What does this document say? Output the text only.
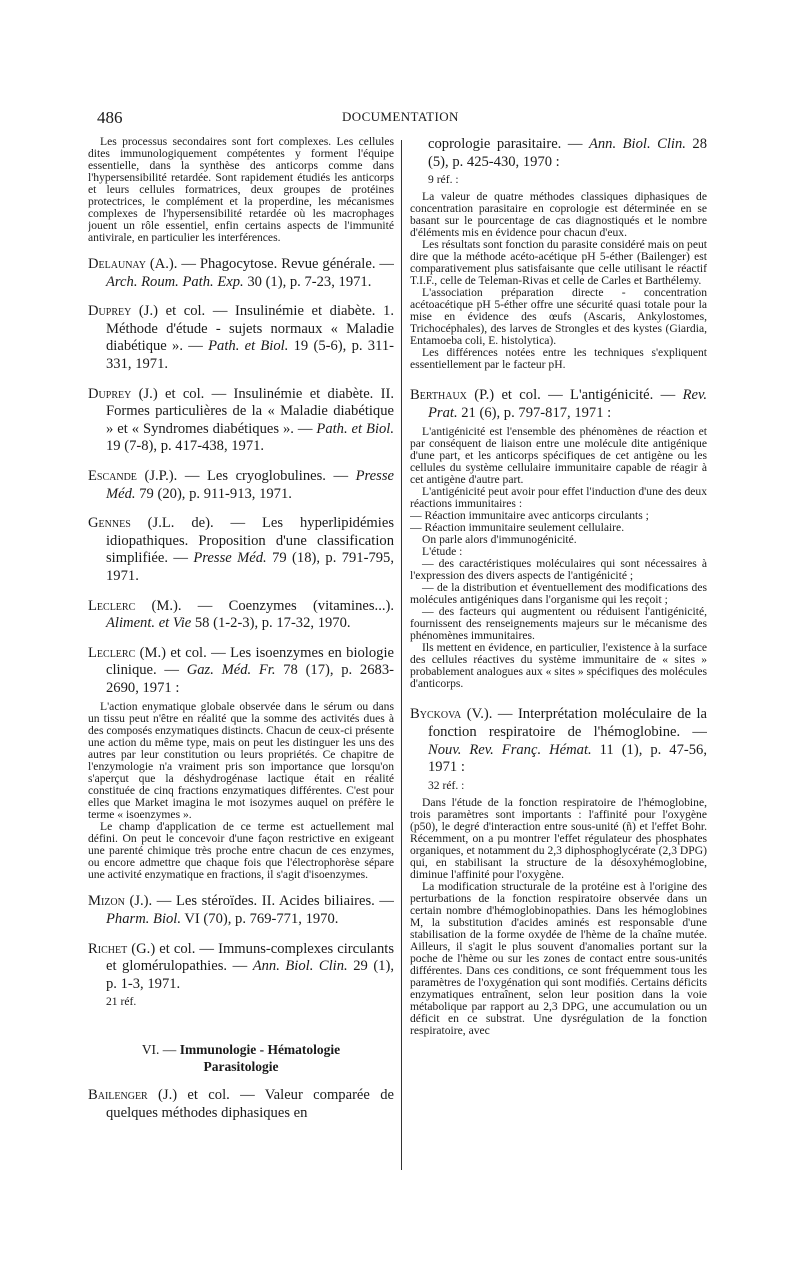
486	DOCUMENTATION

Les processus secondaires sont fort complexes. Les cellules dites immunologiquement compétentes y forment l'équipe essentielle, dans la synthèse des anticorps comme dans l'hypersensibilité retardée. Sont rapidement étudiés les anticorps et leurs cellules formatrices, deux groupes de protéines protectrices, le complément et la properdine, les mécanismes complexes de l'hypersensibilité retardée où les macrophages jouent un rôle essentiel, enfin certains aspects de l'immunité antivirale, en particulier les interférences.

Delaunay (A.). — Phagocytose. Revue générale. — Arch. Roum. Path. Exp. 30 (1), p. 7-23, 1971.

Duprey (J.) et col. — Insulinémie et diabète. 1. Méthode d'étude - sujets normaux « Maladie diabétique ». — Path. et Biol. 19 (5-6), p. 311-331, 1971.

Duprey (J.) et col. — Insulinémie et diabète. II. Formes particulières de la « Maladie diabétique » et « Syndromes diabétiques ». — Path. et Biol. 19 (7-8), p. 417-438, 1971.

Escande (J.P.). — Les cryoglobulines. — Presse Méd. 79 (20), p. 911-913, 1971.

Gennes (J.L. de). — Les hyperlipidémies idiopathiques. Proposition d'une classification simplifiée. — Presse Méd. 79 (18), p. 791-795, 1971.

Leclerc (M.). — Coenzymes (vitamines...). Aliment. et Vie 58 (1-2-3), p. 17-32, 1970.

Leclerc (M.) et col. — Les isoenzymes en biologie clinique. — Gaz. Méd. Fr. 78 (17), p. 2683-2690, 1971 :

L'action enymatique globale observée dans le sérum ou dans un tissu peut n'être en réalité que la somme des activités dues à des composés enzymatiques distincts. Chacun de ceux-ci présente une action du même type, mais on peut les distinguer les uns des autres par leur constitution ou leurs propriétés. Ce chapitre de l'enzymologie n'a vraiment pris son importance que lorsqu'on s'aperçut que la déshydrogénase lactique était en réalité constituée de cinq fractions enzymatiques différentes. C'est pour elles que Market imagina le mot isozymes auquel on préfère le terme « isoenzymes ».

Le champ d'application de ce terme est actuellement mal défini. On peut le concevoir d'une façon restrictive en exigeant une parenté chimique très proche entre chacun de ces enzymes, ou encore admettre que chaque fois que l'électrophorèse sépare une activité enzymatique en fractions, il s'agit d'isoenzymes.

Mizon (J.). — Les stéroïdes. II. Acides biliaires. — Pharm. Biol. VI (70), p. 769-771, 1970.

Richet (G.) et col. — Immuns-complexes circulants et glomérulopathies. — Ann. Biol. Clin. 29 (1), p. 1-3, 1971.

21 réf.

VI. — Immunologie - Hématologie
Parasitologie

Bailenger (J.) et col. — Valeur comparée de quelques méthodes diphasiques en

coprologie parasitaire. — Ann. Biol. Clin. 28 (5), p. 425-430, 1970 :

9 réf. :

La valeur de quatre méthodes classiques diphasiques de concentration parasitaire en coprologie est déterminée en se basant sur le pourcentage de cas diagnostiqués et le nombre d'éléments mis en évidence pour chacun d'eux.

Les résultats sont fonction du parasite considéré mais on peut dire que la méthode acéto-acétique pH 5-éther (Bailenger) est comparativement plus satisfaisante que celle utilisant le réactif T.I.F., celle de Teleman-Rivas et celle de Carles et Barthélemy.

L'association préparation directe - concentration acétoacétique pH 5-éther offre une sécurité quasi totale pour la mise en évidence des œufs (Ascaris, Ankylostomes, Trichocéphales), des larves de Strongles et des kystes (Giardia, Entamoeba coli, E. histolytica).

Les différences notées entre les techniques s'expliquent essentiellement par le facteur pH.

Berthaux (P.) et col. — L'antigénicité. — Rev. Prat. 21 (6), p. 797-817, 1971 :

L'antigénicité est l'ensemble des phénomènes de réaction et par conséquent de liaison entre une molécule dite antigénique d'une part, et les anticorps spécifiques de cet antigène ou les cellules du système cellulaire immunitaire capable de réagir à cet antigène d'autre part.

L'antigénicité peut avoir pour effet l'induction d'une des deux réactions immunitaires :

— Réaction immunitaire avec anticorps circulants ;

— Réaction immunitaire seulement cellulaire.

On parle alors d'immunogénicité.

L'étude :

— des caractéristiques moléculaires qui sont nécessaires à l'expression des divers aspects de l'antigénicité ;

— de la distribution et éventuellement des modifications des molécules antigéniques dans l'organisme qui les reçoit ;

— des facteurs qui augmentent ou réduisent l'antigénicité, fournissent des renseignements majeurs sur le mécanisme des phénomènes immunitaires.

Ils mettent en évidence, en particulier, l'existence à la surface des cellules réactives du système immunitaire de « sites » probablement analogues aux « sites » spécifiques des molécules d'anticorps.

Byckova (V.). — Interprétation moléculaire de la fonction respiratoire de l'hémoglobine. — Nouv. Rev. Franç. Hémat. 11 (1), p. 47-56, 1971 :

32 réf. :

Dans l'étude de la fonction respiratoire de l'hémoglobine, trois paramètres sont importants : l'affinité pour l'oxygène (p50), le degré d'interaction entre sous-unité (ñ) et l'effet Bohr. Récemment, on a pu montrer l'effet régulateur des phosphates organiques, et notamment du 2,3 diphosphoglycérate (2,3 DPG) qui, en stabilisant la structure de la désoxyhémoglobine, diminue l'affinité pour l'oxygène.

La modification structurale de la protéine est à l'origine des perturbations de la fonction respiratoire observée dans un certain nombre d'hémoglobinopathies. Dans les hémoglobines M, la substitution d'acides aminés est responsable d'une stabilisation de la forme oxydée de l'hème de la chaîne mutée. Ailleurs, il s'agit le plus souvent d'anomalies portant sur la poche de l'hème ou sur les zones de contact entre sous-unités différentes. Dans ces conditions, ce sont fréquemment tous les paramètres de l'oxygénation qui sont modifiés. Certains déficits enzymatiques entraînent, selon leur position dans la voie métabolique par rapport au 2,3 DPG, une accumulation ou un déficit en ce substrat. Une dysrégulation de la fonction respiratoire, avec
